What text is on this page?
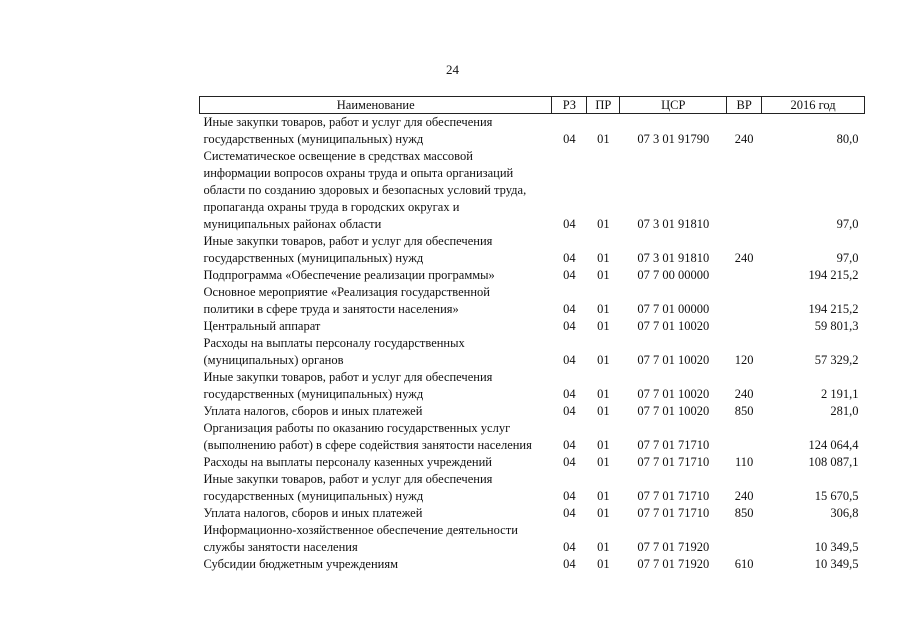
24
Наименование	РЗ	ПР	ЦСР	ВР	2016 год

Иные закупки товаров, работ и услуг для обеспечения
государственных (муниципальных) нужд	04	01	07 3 01 91790	240	80,0

Систематическое освещение в средствах массовой
информации вопросов охраны труда и опыта организаций
области по созданию здоровых и безопасных условий труда,
пропаганда охраны труда в городских округах и
муниципальных районах области	04	01	07 3 01 91810		97,0

Иные закупки товаров, работ и услуг для обеспечения
государственных (муниципальных) нужд	04	01	07 3 01 91810	240	97,0

Подпрограмма «Обеспечение реализации программы»	04	01	07 7 00 00000		194 215,2

Основное мероприятие «Реализация государственной
политики в сфере труда и занятости населения»	04	01	07 7 01 00000		194 215,2

Центральный аппарат	04	01	07 7 01 10020		59 801,3

Расходы на выплаты персоналу государственных
(муниципальных) органов	04	01	07 7 01 10020	120	57 329,2

Иные закупки товаров, работ и услуг для обеспечения
государственных (муниципальных) нужд	04	01	07 7 01 10020	240	2 191,1

Уплата налогов, сборов и иных платежей	04	01	07 7 01 10020	850	281,0

Организация работы по оказанию государственных услуг
(выполнению работ) в сфере содействия занятости населения	04	01	07 7 01 71710		124 064,4

Расходы на выплаты персоналу казенных учреждений	04	01	07 7 01 71710	110	108 087,1

Иные закупки товаров, работ и услуг для обеспечения
государственных (муниципальных) нужд	04	01	07 7 01 71710	240	15 670,5

Уплата налогов, сборов и иных платежей	04	01	07 7 01 71710	850	306,8

Информационно-хозяйственное обеспечение деятельности
службы занятости населения	04	01	07 7 01 71920		10 349,5

Субсидии бюджетным учреждениям	04	01	07 7 01 71920	610	10 349,5
